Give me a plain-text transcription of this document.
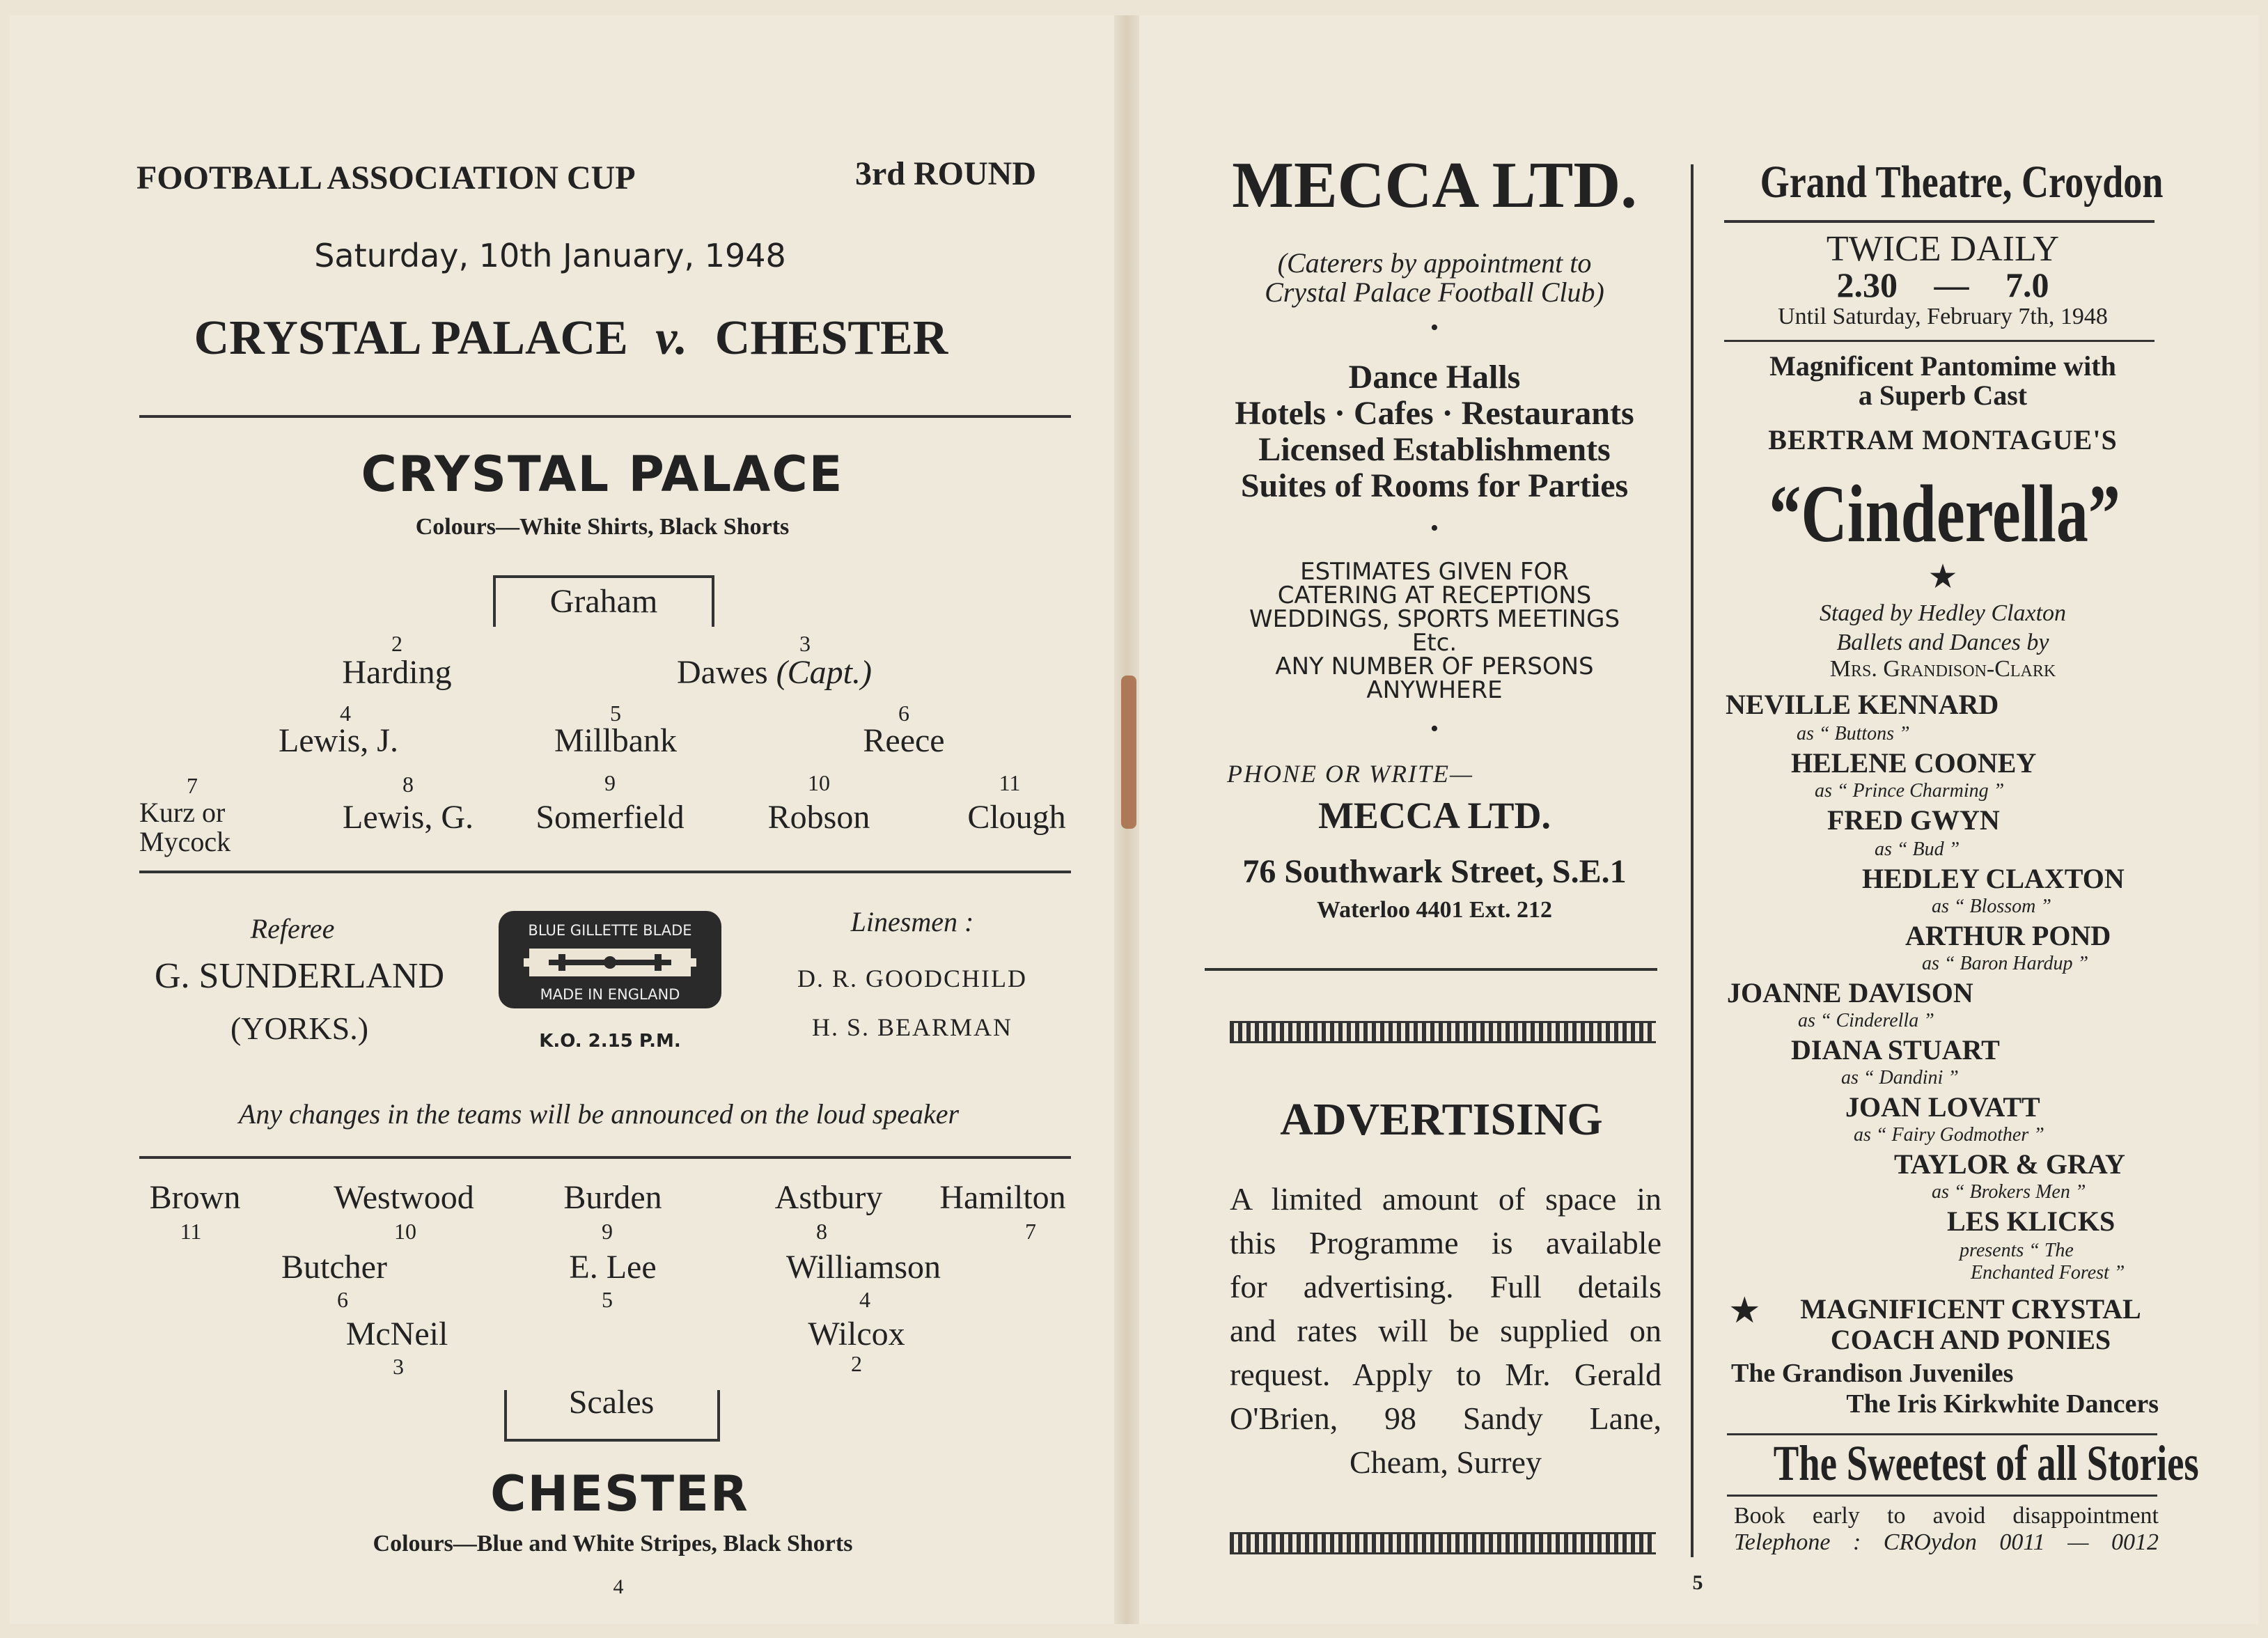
FOOTBALL ASSOCIATION CUP	3rd ROUND
Saturday, 10th January, 1948
CRYSTAL PALACE v. CHESTER
CRYSTAL PALACE
Colours—White Shirts, Black Shorts
Graham
2
Harding
3
Dawes (Capt.)
4
Lewis, J.
5
Millbank
6
Reece
7
Kurz or
Mycock
8
Lewis, G.
9
Somerfield
10
Robson
11
Clough
Referee
G. SUNDERLAND
(YORKS.)
BLUE GILLETTE BLADE
MADE IN ENGLAND
K.O. 2.15 P.M.
Linesmen :
D. R. GOODCHILD
H. S. BEARMAN
Any changes in the teams will be announced on the loud speaker
Brown
11
Westwood
10
Burden
9
Astbury
8
Hamilton
7
Butcher
6
E. Lee
5
Williamson
4
McNeil
3
Wilcox
2
Scales
CHESTER
Colours—Blue and White Stripes, Black Shorts
4
MECCA LTD.
(Caterers by appointment to
Crystal Palace Football Club)
•
Dance Halls
Hotels · Cafes · Restaurants
Licensed Establishments
Suites of Rooms for Parties
•
ESTIMATES GIVEN FOR
CATERING AT RECEPTIONS
WEDDINGS, SPORTS MEETINGS
Etc.
ANY NUMBER OF PERSONS
ANYWHERE
•
PHONE OR WRITE—
MECCA LTD.
76 Southwark Street, S.E.1
Waterloo 4401 Ext. 212
ADVERTISING
A limited amount of space in
this Programme is available
for advertising. Full details
and rates will be supplied on
request. Apply to Mr. Gerald
O'Brien, 98 Sandy Lane,
Cheam, Surrey
5
Grand Theatre, Croydon
TWICE DAILY
2.30 — 7.0
Until Saturday, February 7th, 1948
Magnificent Pantomime with
a Superb Cast
BERTRAM MONTAGUE'S
“Cinderella”
★
Staged by Hedley Claxton
Ballets and Dances by
Mrs. Grandison-Clark
NEVILLE KENNARD
as “ Buttons ”
HELENE COONEY
as “ Prince Charming ”
FRED GWYN
as “ Bud ”
HEDLEY CLAXTON
as “ Blossom ”
ARTHUR POND
as “ Baron Hardup ”
JOANNE DAVISON
as “ Cinderella ”
DIANA STUART
as “ Dandini ”
JOAN LOVATT
as “ Fairy Godmother ”
TAYLOR & GRAY
as “ Brokers Men ”
LES KLICKS
presents “ The
Enchanted Forest ”
★	MAGNIFICENT CRYSTAL
COACH AND PONIES
The Grandison Juveniles
The Iris Kirkwhite Dancers
The Sweetest of all Stories
Book early to avoid disappointment
Telephone : CROydon 0011 — 0012
